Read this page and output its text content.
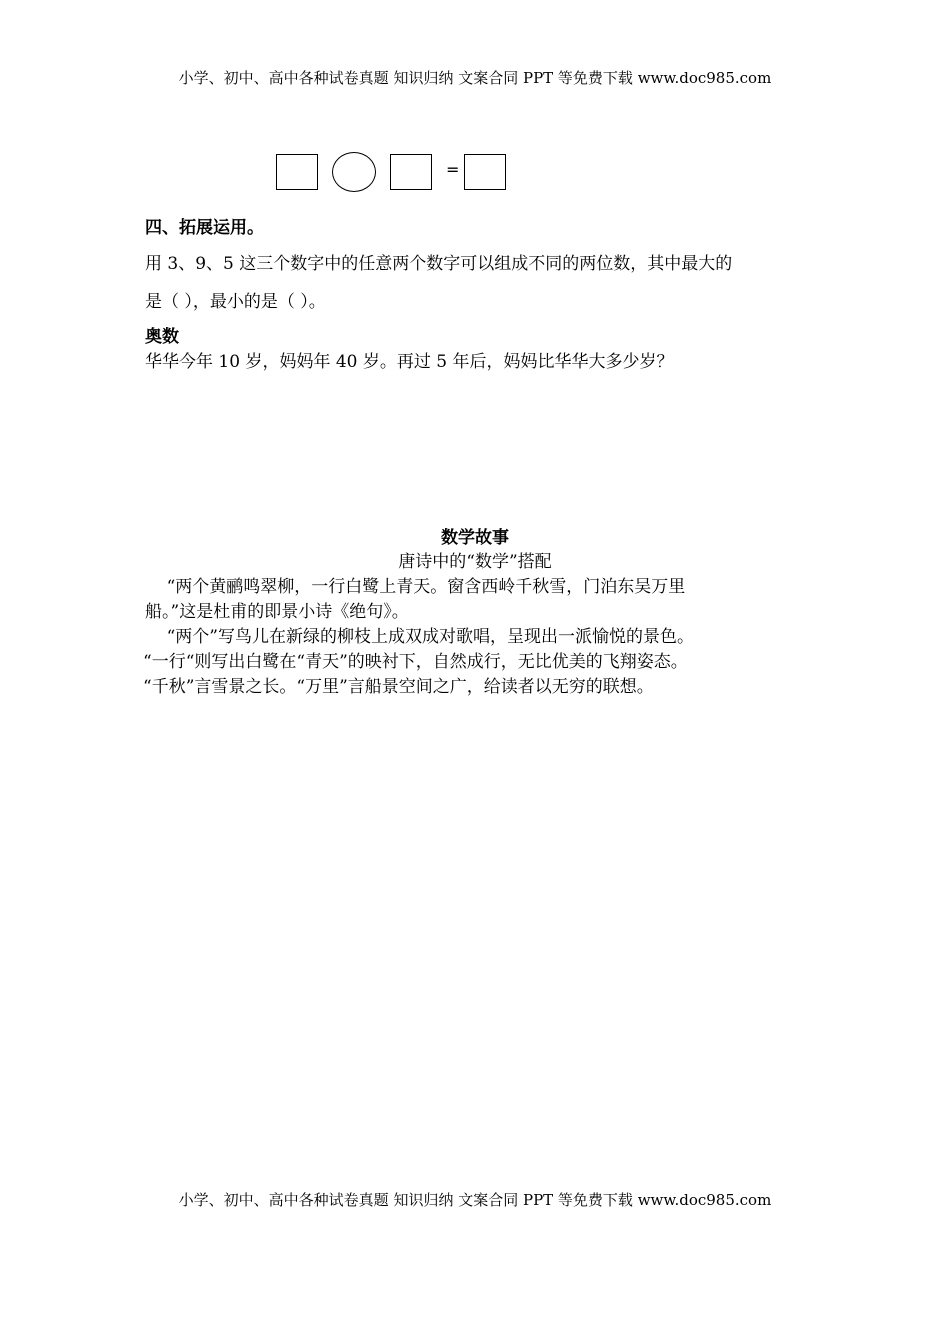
小学、初中、高中各种试卷真题 知识归纳 文案合同 PPT 等免费下载 www.doc985.com
=
四、拓展运用。
用 3、9、5 这三个数字中的任意两个数字可以组成不同的两位数，其中最大的
是（ ），最小的是（ ）。
奥数
华华今年 10 岁，妈妈年 40 岁。再过 5 年后，妈妈比华华大多少岁？
数学故事
唐诗中的“数学”搭配
“两个黄鹂鸣翠柳，一行白鹭上青天。窗含西岭千秋雪，门泊东吴万里
船。”这是杜甫的即景小诗《绝句》。
“两个”写鸟儿在新绿的柳枝上成双成对歌唱，呈现出一派愉悦的景色。
“一行“则写出白鹭在“青天”的映衬下，自然成行，无比优美的飞翔姿态。
“千秋”言雪景之长。“万里”言船景空间之广，给读者以无穷的联想。
小学、初中、高中各种试卷真题 知识归纳 文案合同 PPT 等免费下载 www.doc985.com
